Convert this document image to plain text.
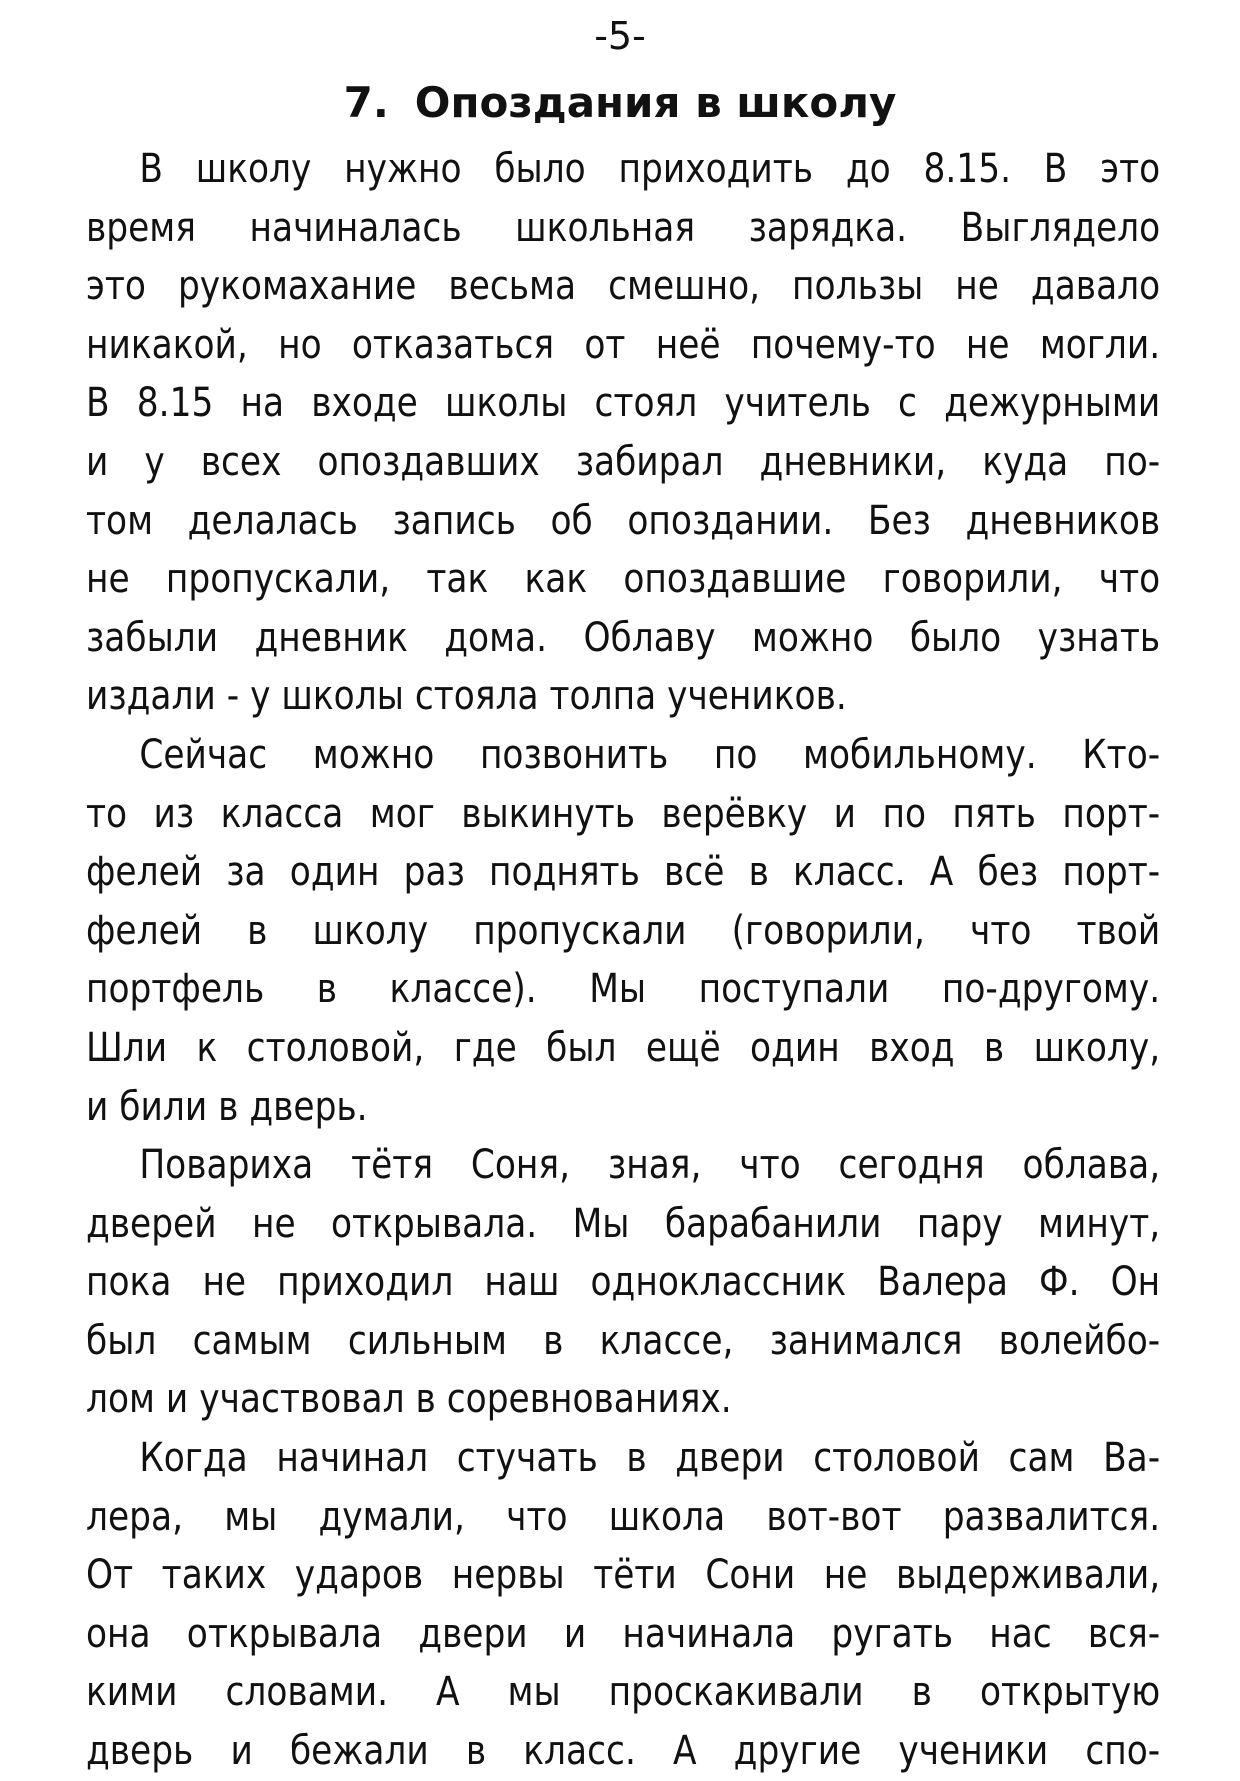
-5-
7. Опоздания в школу
В школу нужно было приходить до 8.15. В это
время начиналась школьная зарядка. Выглядело
это рукомахание весьма смешно, пользы не давало
никакой, но отказаться от неё почему-то не могли.
В 8.15 на входе школы стоял учитель с дежурными
и у всех опоздавших забирал дневники, куда по-
том делалась запись об опоздании. Без дневников
не пропускали, так как опоздавшие говорили, что
забыли дневник дома. Облаву можно было узнать
издали - у школы стояла толпа учеников.
Сейчас можно позвонить по мобильному. Кто-
то из класса мог выкинуть верёвку и по пять порт-
фелей за один раз поднять всё в класс. А без порт-
фелей в школу пропускали (говорили, что твой
портфель в классе). Мы поступали по-другому.
Шли к столовой, где был ещё один вход в школу,
и били в дверь.
Повариха тётя Соня, зная, что сегодня облава,
дверей не открывала. Мы барабанили пару минут,
пока не приходил наш одноклассник Валера Ф. Он
был самым сильным в классе, занимался волейбо-
лом и участвовал в соревнованиях.
Когда начинал стучать в двери столовой сам Ва-
лера, мы думали, что школа вот-вот развалится.
От таких ударов нервы тёти Сони не выдерживали,
она открывала двери и начинала ругать нас вся-
кими словами. А мы проскакивали в открытую
дверь и бежали в класс. А другие ученики спо-
